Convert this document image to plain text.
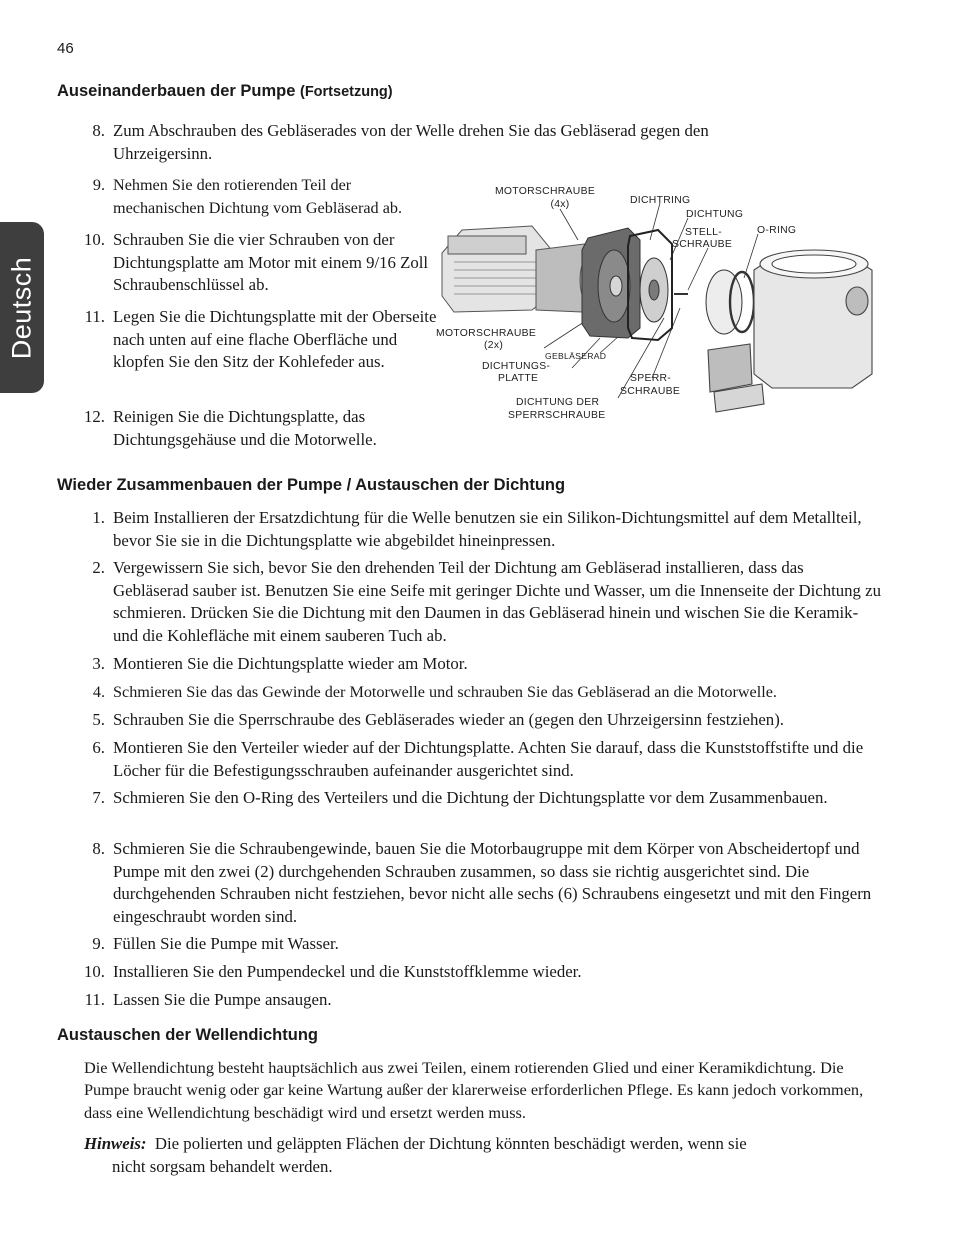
46
Deutsch
Auseinanderbauen der Pumpe (Fortsetzung)
8. Zum Abschrauben des Gebläserades von der Welle drehen Sie das Gebläserad gegen den Uhrzeigersinn.
9. Nehmen Sie den rotierenden Teil der mechanischen Dichtung vom Gebläserad ab.
10. Schrauben Sie die vier Schrauben von der Dichtungsplatte am Motor mit einem 9/16 Zoll Schraubenschlüssel ab.
11. Legen Sie die Dichtungsplatte mit der Oberseite nach unten auf eine flache Oberfläche und klopfen Sie den Sitz der Kohlefeder aus.
12. Reinigen Sie die Dichtungsplatte, das Dichtungsgehäuse und die Motorwelle.
MOTORSCHRAUBE
(4x)	DICHTRING
DICHTUNG
STELL-
SCHRAUBE
O-RING
MOTORSCHRAUBE
(2x)
GEBLÄSERAD
DICHTUNGS-
PLATTE	SPERR-
SCHRAUBE
DICHTUNG DER
SPERRSCHRAUBE
Wieder Zusammenbauen der Pumpe / Austauschen der Dichtung
1. Beim Installieren der Ersatzdichtung für die Welle benutzen sie ein Silikon-Dichtungsmittel auf dem Metallteil, bevor Sie sie in die Dichtungsplatte wie abgebildet hineinpressen.
2. Vergewissern Sie sich, bevor Sie den drehenden Teil der Dichtung am Gebläserad installieren, dass das Gebläserad sauber ist. Benutzen Sie eine Seife mit geringer Dichte und Wasser, um die Innenseite der Dichtung zu schmieren. Drücken Sie die Dichtung mit den Daumen in das Gebläserad hinein und wischen Sie die Keramik- und die Kohlefläche mit einem sauberen Tuch ab.
3. Montieren Sie die Dichtungsplatte wieder am Motor.
4. Schmieren Sie das das Gewinde der Motorwelle und schrauben Sie das Gebläserad an die Motorwelle.
5. Schrauben Sie die Sperrschraube des Gebläserades wieder an (gegen den Uhrzeigersinn festziehen).
6. Montieren Sie den Verteiler wieder auf der Dichtungsplatte. Achten Sie darauf, dass die Kunststoffstifte und die Löcher für die Befestigungsschrauben aufeinander ausgerichtet sind.
7. Schmieren Sie den O-Ring des Verteilers und die Dichtung der Dichtungsplatte vor dem Zusammenbauen.
8. Schmieren Sie die Schraubengewinde, bauen Sie die Motorbaugruppe mit dem Körper von Abscheidertopf und Pumpe mit den zwei (2) durchgehenden Schrauben zusammen, so dass sie richtig ausgerichtet sind. Die durchgehenden Schrauben nicht festziehen, bevor nicht alle sechs (6) Schraubens eingesetzt und mit den Fingern eingeschraubt worden sind.
9. Füllen Sie die Pumpe mit Wasser.
10. Installieren Sie den Pumpendeckel und die Kunststoffklemme wieder.
11. Lassen Sie die Pumpe ansaugen.
Austauschen der Wellendichtung
Die Wellendichtung besteht hauptsächlich aus zwei Teilen, einem rotierenden Glied und einer Keramikdichtung. Die Pumpe braucht wenig oder gar keine Wartung außer der klarerweise erforderlichen Pflege. Es kann jedoch vorkommen, dass eine Wellendichtung beschädigt wird und ersetzt werden muss.
Hinweis: Die polierten und geläppten Flächen der Dichtung könnten beschädigt werden, wenn sie
nicht sorgsam behandelt werden.
